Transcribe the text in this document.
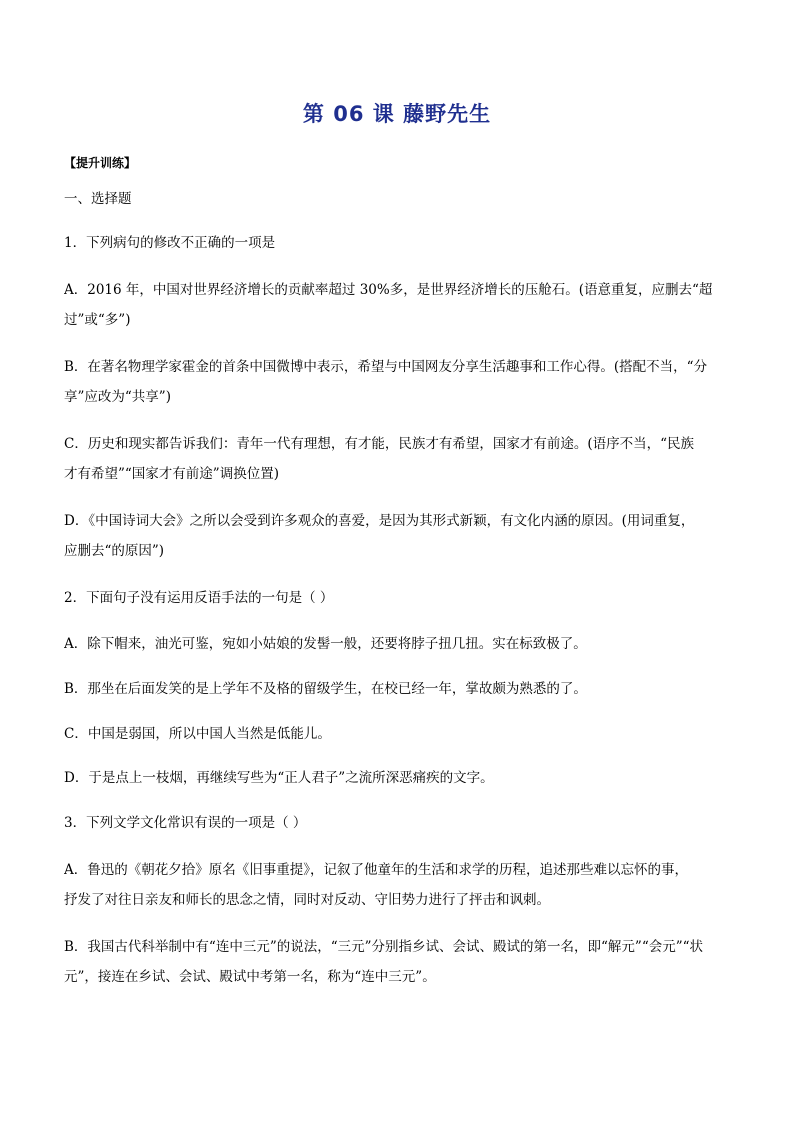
第 06 课 藤野先生
【提升训练】
一、选择题
1．下列病句的修改不正确的一项是
A．2016 年，中国对世界经济增长的贡献率超过 30%多，是世界经济增长的压舱石。(语意重复，应删去“超
过”或“多”)
B．在著名物理学家霍金的首条中国微博中表示，希望与中国网友分享生活趣事和工作心得。(搭配不当，“分
享”应改为“共享”)
C．历史和现实都告诉我们：青年一代有理想，有才能，民族才有希望，国家才有前途。(语序不当，“民族
才有希望”“国家才有前途”调换位置)
D．《中国诗词大会》之所以会受到许多观众的喜爱，是因为其形式新颖，有文化内涵的原因。(用词重复，
应删去“的原因”)
2．下面句子没有运用反语手法的一句是（ ）
A．除下帽来，油光可鉴，宛如小姑娘的发髻一般，还要将脖子扭几扭。实在标致极了。
B．那坐在后面发笑的是上学年不及格的留级学生，在校已经一年，掌故颇为熟悉的了。
C．中国是弱国，所以中国人当然是低能儿。
D．于是点上一枝烟，再继续写些为“正人君子”之流所深恶痛疾的文字。
3．下列文学文化常识有误的一项是（ ）
A．鲁迅的《朝花夕拾》原名《旧事重提》，记叙了他童年的生活和求学的历程，追述那些难以忘怀的事，
抒发了对往日亲友和师长的思念之情，同时对反动、守旧势力进行了抨击和讽刺。
B．我国古代科举制中有“连中三元”的说法，“三元”分别指乡试、会试、殿试的第一名，即“解元”“会元”“状
元”，接连在乡试、会试、殿试中考第一名，称为“连中三元”。
